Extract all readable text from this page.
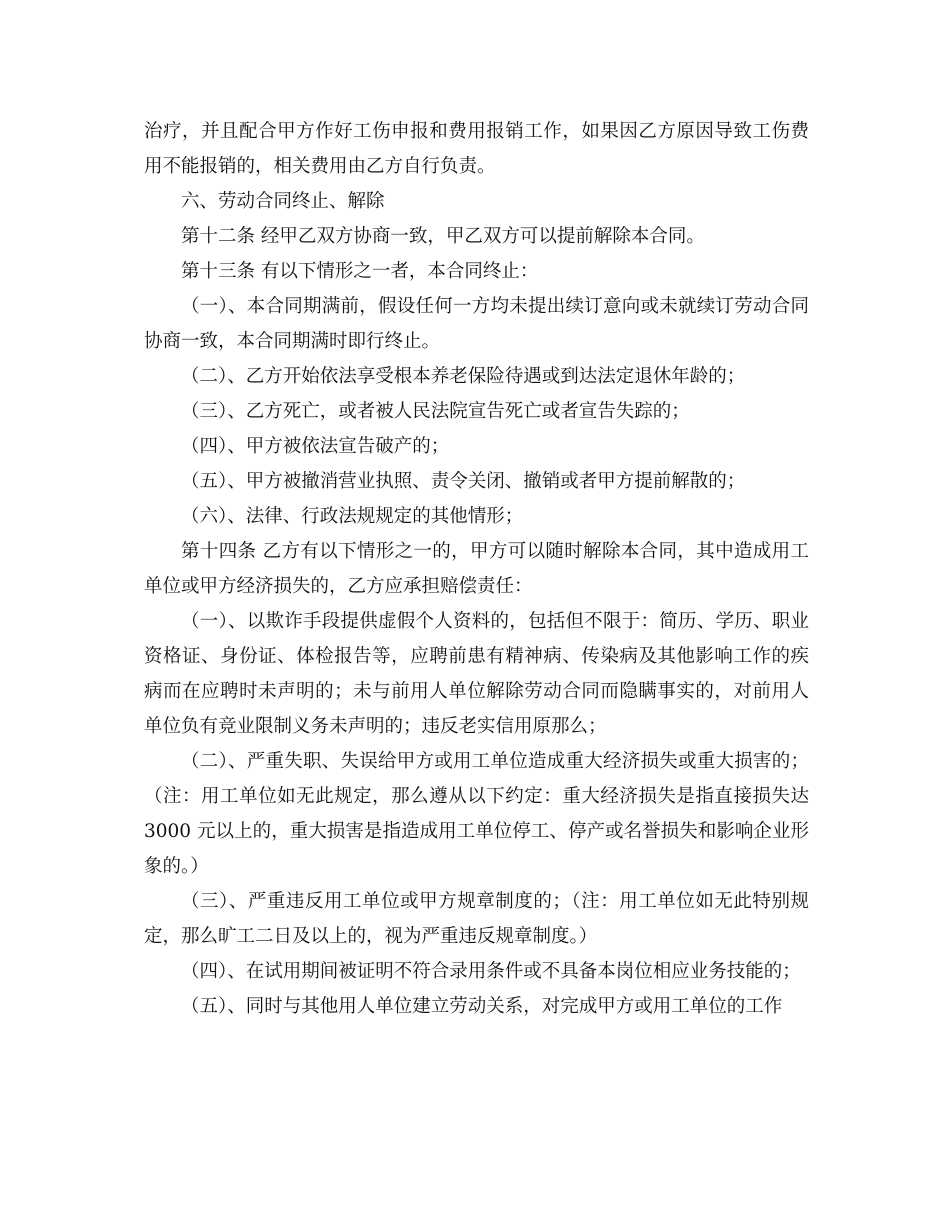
治疗，并且配合甲方作好工伤申报和费用报销工作，如果因乙方原因导致工伤费用不能报销的，相关费用由乙方自行负责。

六、劳动合同终止、解除

第十二条 经甲乙双方协商一致，甲乙双方可以提前解除本合同。

第十三条 有以下情形之一者，本合同终止：

（一）、本合同期满前，假设任何一方均未提出续订意向或未就续订劳动合同协商一致，本合同期满时即行终止。

（二）、乙方开始依法享受根本养老保险待遇或到达法定退休年龄的；

（三）、乙方死亡，或者被人民法院宣告死亡或者宣告失踪的；

（四）、甲方被依法宣告破产的；

（五）、甲方被撤消营业执照、责令关闭、撤销或者甲方提前解散的；

（六）、法律、行政法规规定的其他情形；

第十四条 乙方有以下情形之一的，甲方可以随时解除本合同，其中造成用工单位或甲方经济损失的，乙方应承担赔偿责任：

（一）、以欺诈手段提供虚假个人资料的，包括但不限于：简历、学历、职业资格证、身份证、体检报告等，应聘前患有精神病、传染病及其他影响工作的疾病而在应聘时未声明的；未与前用人单位解除劳动合同而隐瞒事实的，对前用人单位负有竞业限制义务未声明的；违反老实信用原那么；

（二）、严重失职、失误给甲方或用工单位造成重大经济损失或重大损害的；（注：用工单位如无此规定，那么遵从以下约定：重大经济损失是指直接损失达 3000 元以上的，重大损害是指造成用工单位停工、停产或名誉损失和影响企业形象的。）

（三）、严重违反用工单位或甲方规章制度的；（注：用工单位如无此特别规定，那么旷工二日及以上的，视为严重违反规章制度。）

（四）、在试用期间被证明不符合录用条件或不具备本岗位相应业务技能的；

（五）、同时与其他用人单位建立劳动关系，对完成甲方或用工单位的工作
